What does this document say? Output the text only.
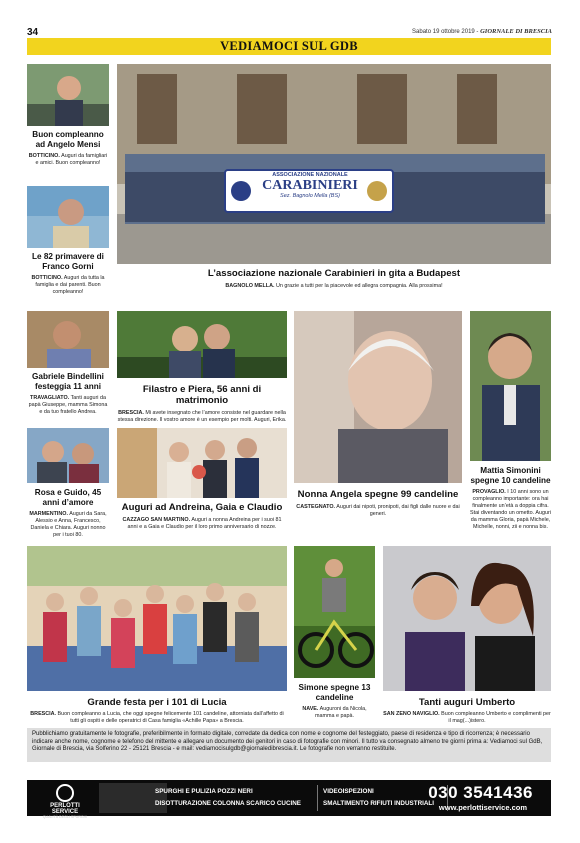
34	Sabato 19 ottobre 2019 - GIORNALE DI BRESCIA
VEDIAMOCI SUL GDB
Buon compleanno ad Angelo Mensi
BOTTICINO. Auguri da famigliari e amici. Buon compleanno!
Le 82 primavere di Franco Gorni
BOTTICINO. Auguri da tutta la famiglia e dai parenti. Buon compleanno!
ASSOCIAZIONE NAZIONALE
CARABINIERI
Sez. Bagnolo Mella (BS)
L’associazione nazionale Carabinieri in gita a Budapest
BAGNOLO MELLA. Un grazie a tutti per la piacevole ed allegra compagnia. Alla prossima!
Gabriele Bindellini festeggia 11 anni
TRAVAGLIATO. Tanti auguri da papà Giuseppe, mamma Simona e da tuo fratello Andrea.
Filastro e Piera, 56 anni di matrimonio
BRESCIA. Mi avete insegnato che l’amore consiste nel guardare nella stessa direzione. Il vostro amore è un esempio per molti. Auguri, Erika.
Nonna Angela spegne 99 candeline
CASTEGNATO. Auguri dai nipoti, pronipoti, dai figli dalle nuore e dai generi.
Mattia Simonini spegne 10 candeline
PROVAGLIO. I 10 anni sono un compleanno importante: ora hai finalmente un’età a doppia cifra. Stai diventando un ometto. Auguri da mamma Gloria, papà Michele, Michelle, nonni, zii e nonna bis.
Rosa e Guido, 45 anni d’amore
MARMENTINO. Auguri da Sara, Alessio e Anna, Francesco, Daniela e Chiara. Auguri nonno per i tuoi 80.
Auguri ad Andreina, Gaia e Claudio
CAZZAGO SAN MARTINO. Auguri a nonna Andreina per i suoi 81 anni e a Gaia e Claudio per il loro primo anniversario di nozze.
Grande festa per i 101 di Lucia
BRESCIA. Buon compleanno a Lucia, che oggi spegne felicemente 101 candeline, attorniata dall’affetto di tutti gli ospiti e delle operatrici di Casa famiglia «Achille Papa» a Brescia.
Simone spegne 13 candeline
NAVE. Auguroni da Nicola, mamma e papà.
Tanti auguri Umberto
SAN ZENO NAVIGLIO. Buon compleanno Umberto e complimenti per il mag(...)istero.
Pubblichiamo gratuitamente le fotografie, preferibilmente in formato digitale, corredate da dedica con nome e cognome del festeggiato, paese di residenza e tipo di ricorrenza; è necessario indicare anche nome, cognome e telefono del mittente e allegare un documento dei genitori in caso di fotografie con minori. Il tutto va consegnato almeno tre giorni prima a: Vediamoci sul GdB, Giornale di Brescia, via Solferino 22 - 25121 Brescia - e mail: vediamocisulgdb@giornaledibrescia.it. Le fotografie non verranno restituite.
PERLOTTI SERVICE
QUALITÀ DEGLI SPURGHI
SPURGHI E PULIZIA POZZI NERI
DISOTTURAZIONE COLONNA SCARICO CUCINE
VIDEOISPEZIONI
SMALTIMENTO RIFIUTI INDUSTRIALI
030 3541436
www.perlottiservice.com
